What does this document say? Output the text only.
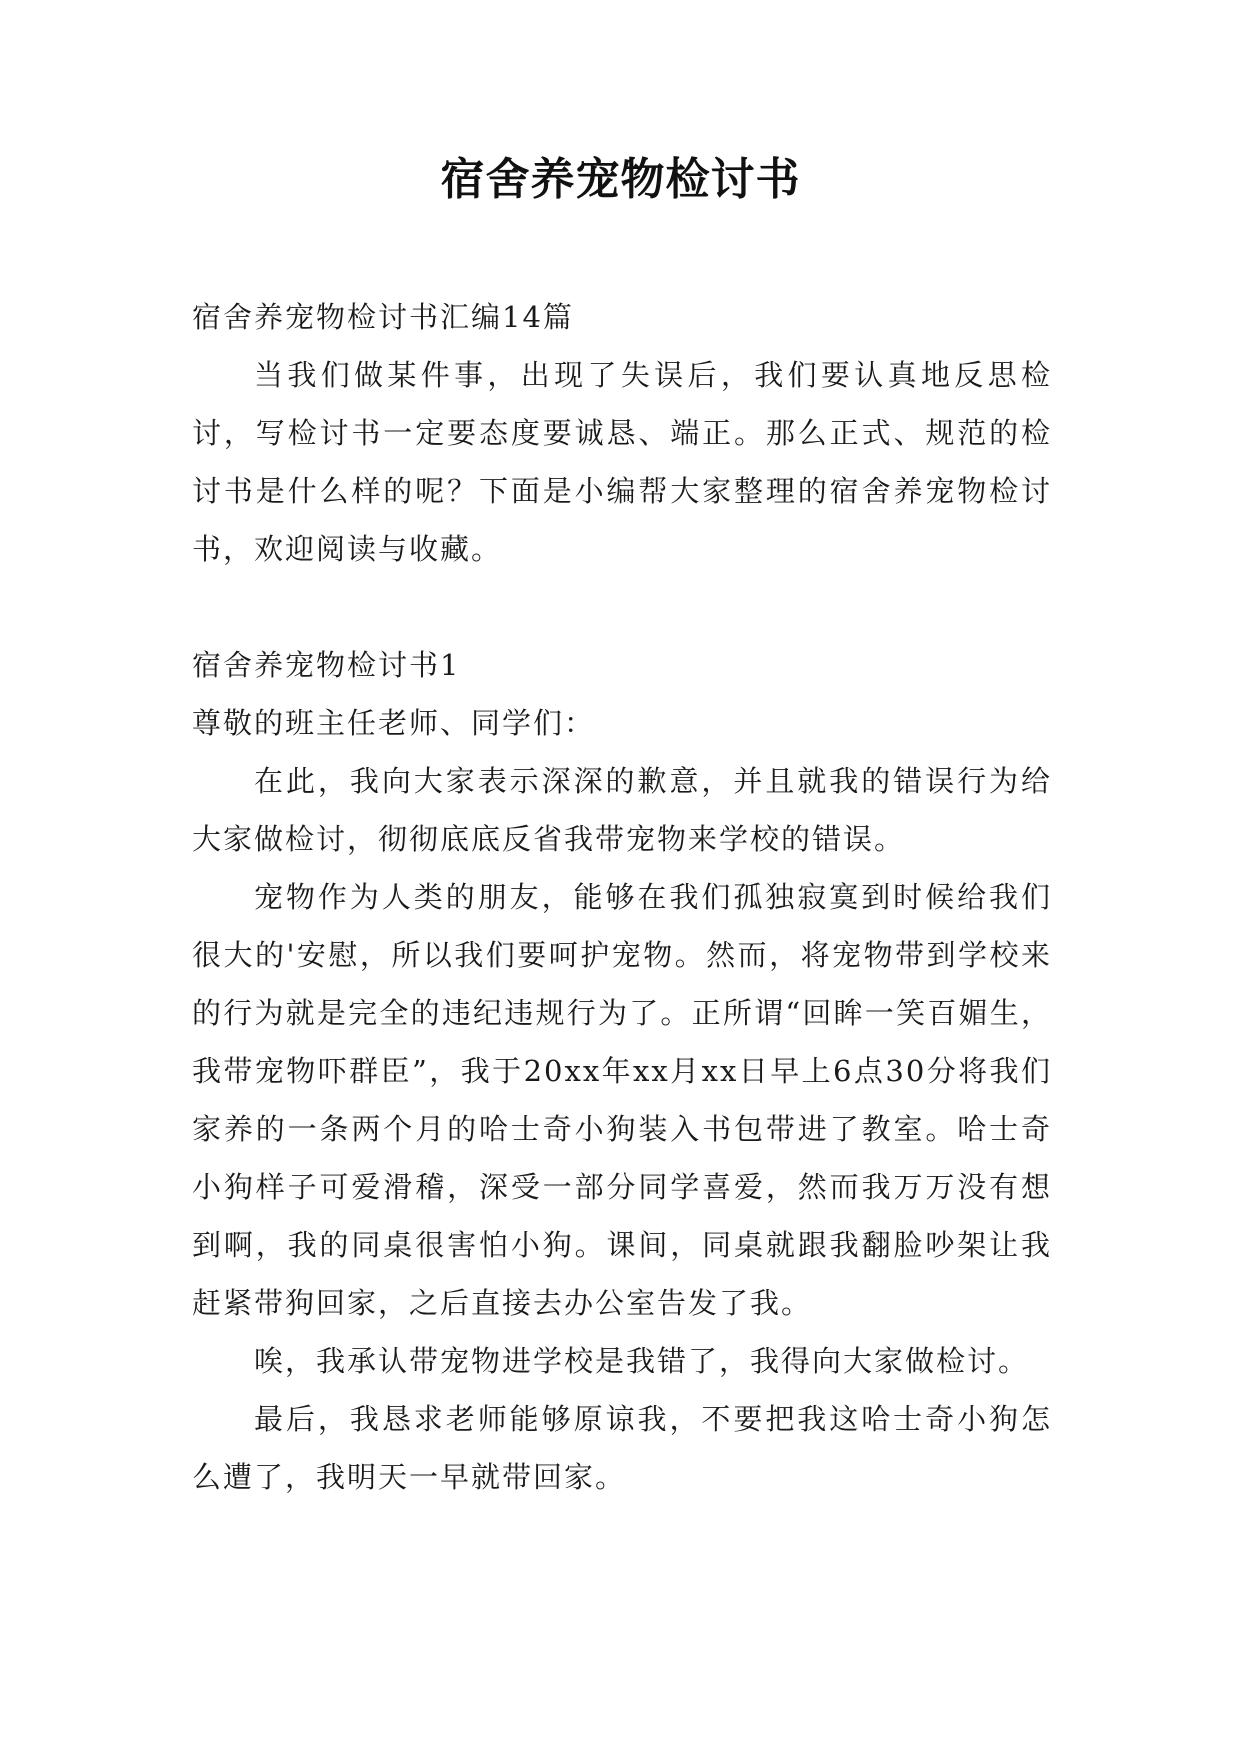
宿舍养宠物检讨书

宿舍养宠物检讨书汇编14篇

当我们做某件事，出现了失误后，我们要认真地反思检讨，写检讨书一定要态度要诚恳、端正。那么正式、规范的检讨书是什么样的呢？下面是小编帮大家整理的宿舍养宠物检讨书，欢迎阅读与收藏。

宿舍养宠物检讨书1

尊敬的班主任老师、同学们：

在此，我向大家表示深深的歉意，并且就我的错误行为给大家做检讨，彻彻底底反省我带宠物来学校的错误。

宠物作为人类的朋友，能够在我们孤独寂寞到时候给我们很大的'安慰，所以我们要呵护宠物。然而，将宠物带到学校来的行为就是完全的违纪违规行为了。正所谓“回眸一笑百媚生，我带宠物吓群臣”，我于20xx年xx月xx日早上6点30分将我们家养的一条两个月的哈士奇小狗装入书包带进了教室。哈士奇小狗样子可爱滑稽，深受一部分同学喜爱，然而我万万没有想到啊，我的同桌很害怕小狗。课间，同桌就跟我翻脸吵架让我赶紧带狗回家，之后直接去办公室告发了我。

唉，我承认带宠物进学校是我错了，我得向大家做检讨。

最后，我恳求老师能够原谅我，不要把我这哈士奇小狗怎么遭了，我明天一早就带回家。
